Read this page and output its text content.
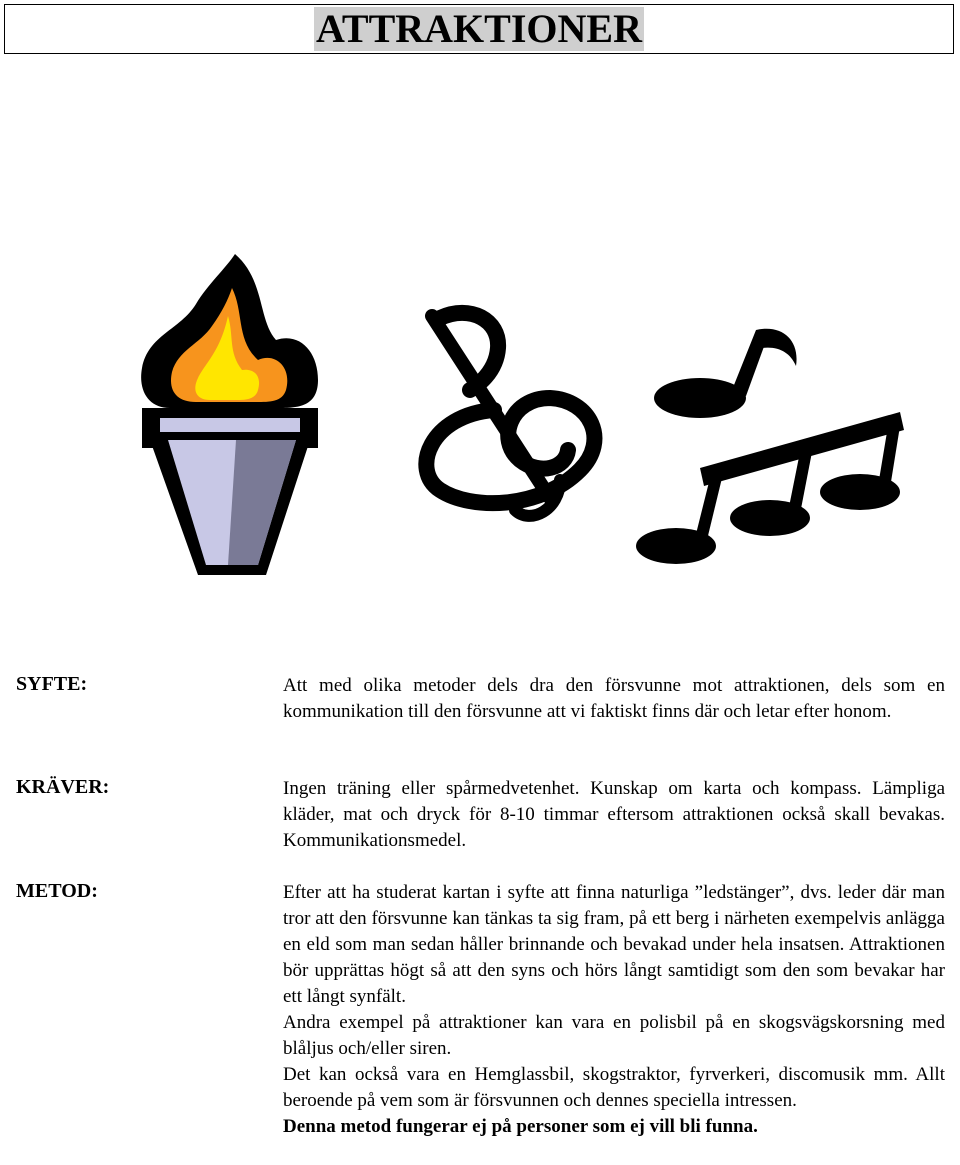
ATTRAKTIONER
SYFTE:	Att med olika metoder dels dra den försvunne mot attraktionen, dels som en kommunikation till den försvunne att vi faktiskt finns där och letar efter honom.

KRÄVER:	Ingen träning eller spårmedvetenhet. Kunskap om karta och kompass. Lämpliga kläder, mat och dryck för 8-10 timmar eftersom attraktionen också skall bevakas. Kommunikationsmedel.

METOD:	Efter att ha studerat kartan i syfte att finna naturliga ”ledstänger”, dvs. leder där man tror att den försvunne kan tänkas ta sig fram, på ett berg i närheten exempelvis anlägga en eld som man sedan håller brinnande och bevakad under hela insatsen. Attraktionen bör upprättas högt så att den syns och hörs långt samtidigt som den som bevakar har ett långt synfält.

Andra exempel på attraktioner kan vara en polisbil på en skogsvägskorsning med blåljus och/eller siren.

Det kan också vara en Hemglassbil, skogstraktor, fyrverkeri, discomusik mm. Allt beroende på vem som är försvunnen och dennes speciella intressen.

Denna metod fungerar ej på personer som ej vill bli funna.
